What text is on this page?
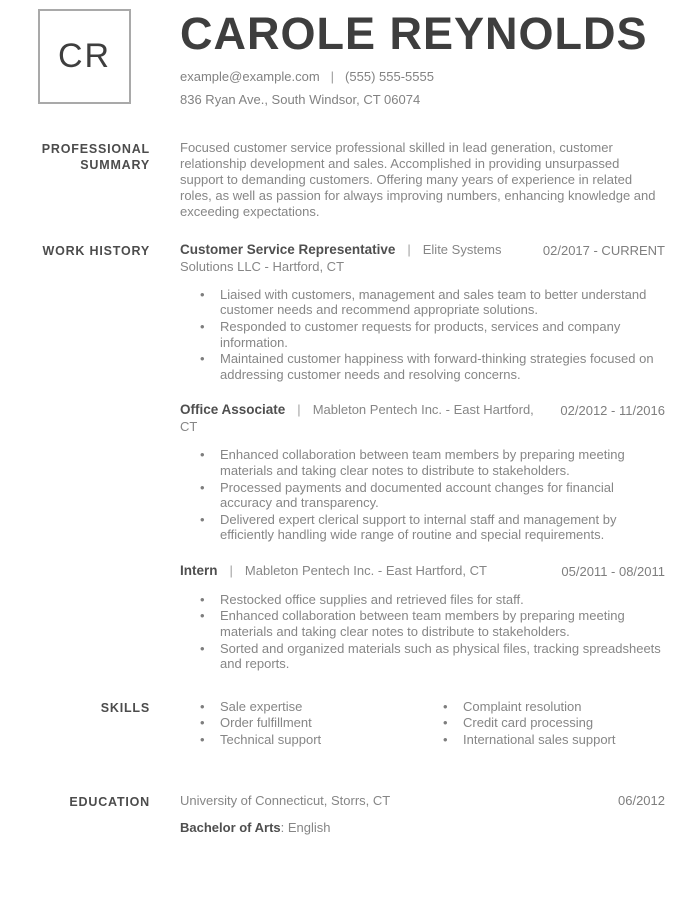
CR CAROLE REYNOLDS
example@example.com | (555) 555-5555
836 Ryan Ave., South Windsor, CT 06074
PROFESSIONAL SUMMARY

Focused customer service professional skilled in lead generation, customer relationship development and sales. Accomplished in providing unsurpassed support to demanding customers. Offering many years of experience in related roles, as well as passion for always improving numbers, enhancing knowledge and exceeding expectations.

WORK HISTORY Customer Service Representative | Elite Systems Solutions LLC - Hartford, CT
02/2017 - CURRENT
• Liaised with customers, management and sales team to better understand customer needs and recommend appropriate solutions.
• Responded to customer requests for products, services and company information.
• Maintained customer happiness with forward-thinking strategies focused on addressing customer needs and resolving concerns.
Office Associate | Mableton Pentech Inc. - East Hartford, CT
02/2012 - 11/2016
• Enhanced collaboration between team members by preparing meeting materials and taking clear notes to distribute to stakeholders.
• Processed payments and documented account changes for financial accuracy and transparency.
• Delivered expert clerical support to internal staff and management by efficiently handling wide range of routine and special requirements.
Intern | Mableton Pentech Inc. - East Hartford, CT	05/2011 - 08/2011
• Restocked office supplies and retrieved files for staff.
• Enhanced collaboration between team members by preparing meeting materials and taking clear notes to distribute to stakeholders.
• Sorted and organized materials such as physical files, tracking spreadsheets and reports.
SKILLS	• Sale expertise
• Order fulfillment
• Technical support
• Complaint resolution
• Credit card processing
• International sales support
EDUCATION University of Connecticut, Storrs, CT	06/2012
Bachelor of Arts: English
